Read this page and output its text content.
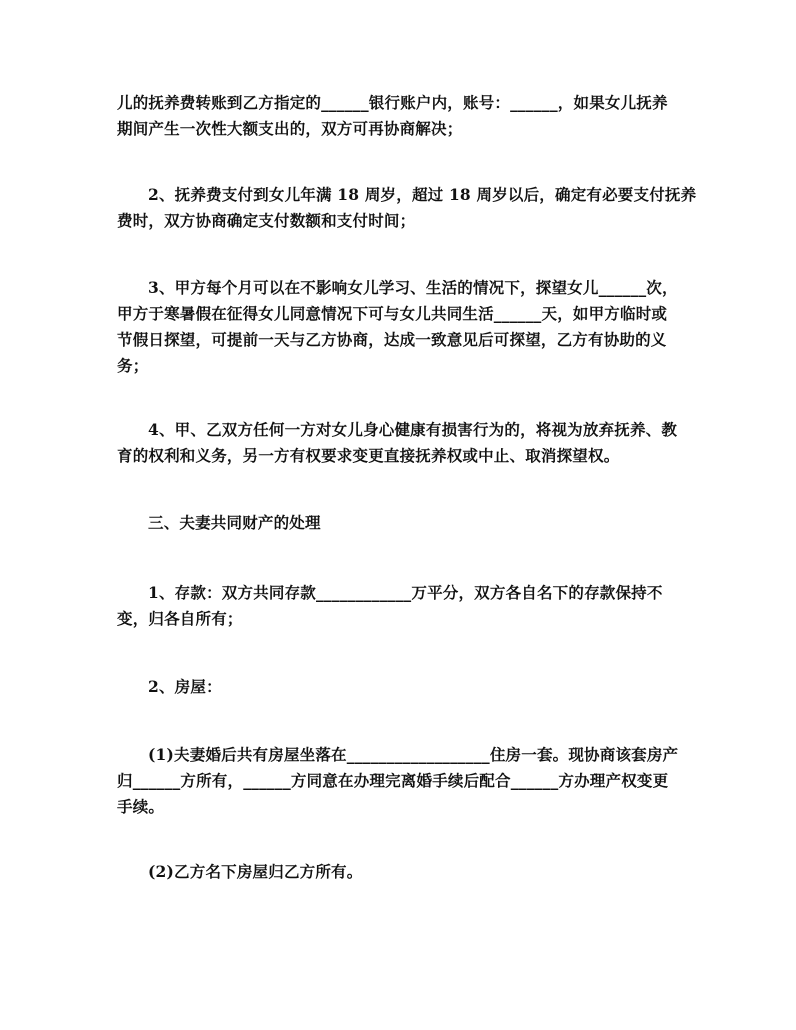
儿的抚养费转账到乙方指定的______银行账户内，账号：______，如果女儿抚养
期间产生一次性大额支出的，双方可再协商解决；
2、抚养费支付到女儿年满 18 周岁，超过 18 周岁以后，确定有必要支付抚养
费时，双方协商确定支付数额和支付时间；
3、甲方每个月可以在不影响女儿学习、生活的情况下，探望女儿______次，
甲方于寒暑假在征得女儿同意情况下可与女儿共同生活______天，如甲方临时或
节假日探望，可提前一天与乙方协商，达成一致意见后可探望，乙方有协助的义
务；
4、甲、乙双方任何一方对女儿身心健康有损害行为的，将视为放弃抚养、教
育的权利和义务，另一方有权要求变更直接抚养权或中止、取消探望权。
三、夫妻共同财产的处理
1、存款：双方共同存款____________万平分，双方各自名下的存款保持不
变，归各自所有；
2、房屋：
(1)夫妻婚后共有房屋坐落在__________________住房一套。现协商该套房产
归______方所有，______方同意在办理完离婚手续后配合______方办理产权变更
手续。
(2)乙方名下房屋归乙方所有。
